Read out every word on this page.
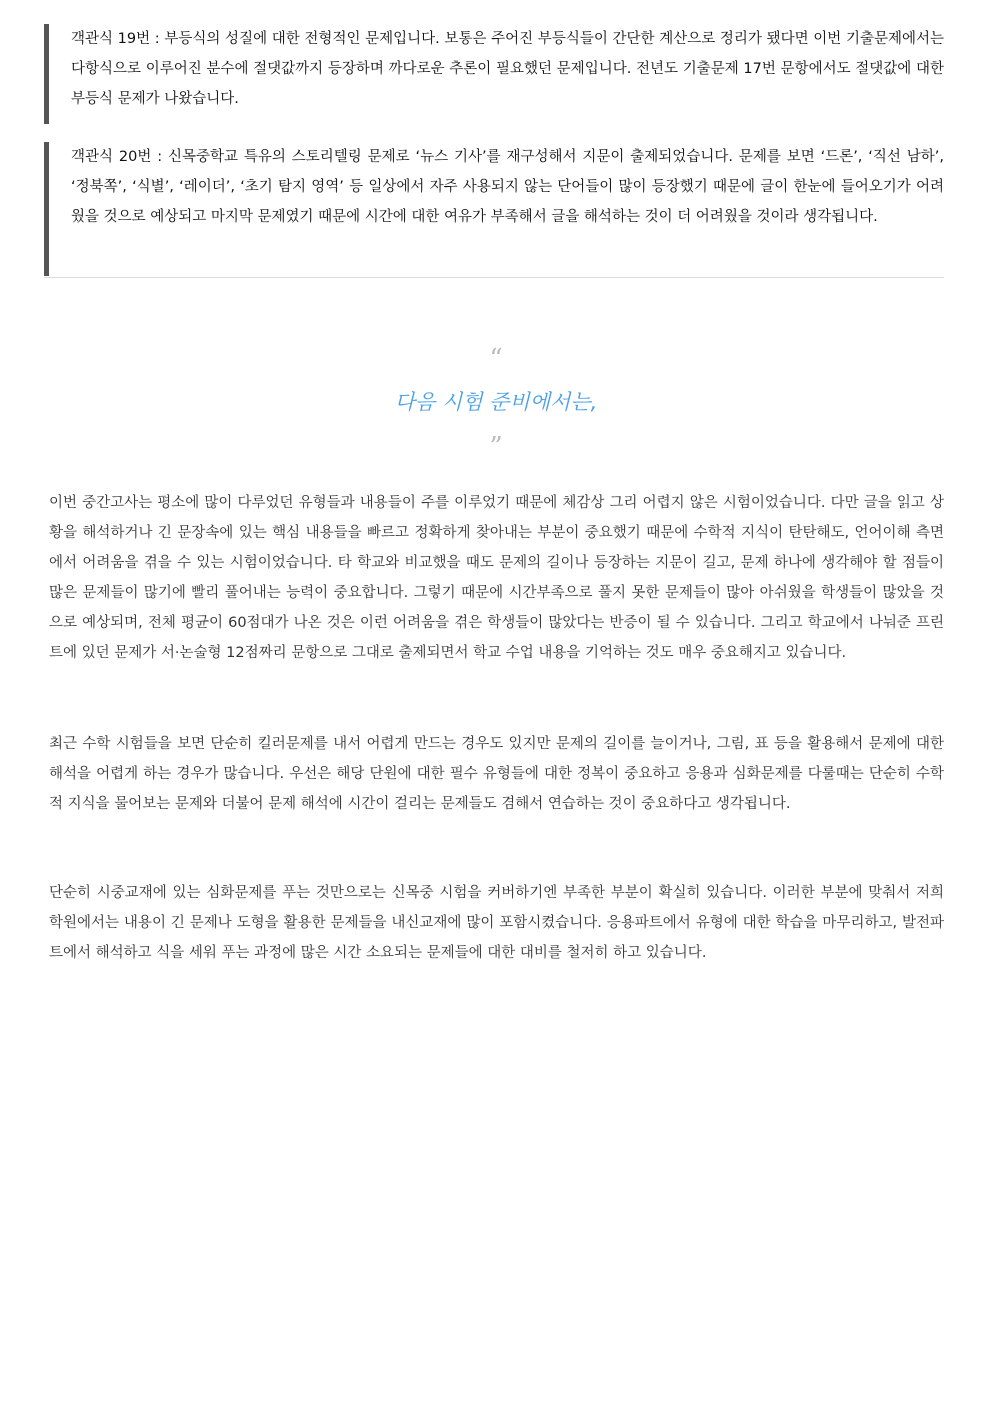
객관식 19번 : 부등식의 성질에 대한 전형적인 문제입니다. 보통은 주어진 부등식들이 간단한 계산으로 정리가 됐다면 이번 기출문제에서는 다항식으로 이루어진 분수에 절댓값까지 등장하며 까다로운 추론이 필요했던 문제입니다. 전년도 기출문제 17번 문항에서도 절댓값에 대한 부등식 문제가 나왔습니다.
객관식 20번 : 신목중학교 특유의 스토리텔링 문제로 ‘뉴스 기사’를 재구성해서 지문이 출제되었습니다. 문제를 보면 ‘드론’, ‘직선 남하’, ‘정북쪽’, ‘식별’, ‘레이더’, ‘초기 탐지 영역’ 등 일상에서 자주 사용되지 않는 단어들이 많이 등장했기 때문에 글이 한눈에 들어오기가 어려웠을 것으로 예상되고 마지막 문제였기 때문에 시간에 대한 여유가 부족해서 글을 해석하는 것이 더 어려웠을 것이라 생각됩니다.
“
다음 시험 준비에서는,
”
이번 중간고사는 평소에 많이 다루었던 유형들과 내용들이 주를 이루었기 때문에 체감상 그리 어렵지 않은 시험이었습니다. 다만 글을 읽고 상황을 해석하거나 긴 문장속에 있는 핵심 내용들을 빠르고 정확하게 찾아내는 부분이 중요했기 때문에 수학적 지식이 탄탄해도, 언어이해 측면에서 어려움을 겪을 수 있는 시험이었습니다. 타 학교와 비교했을 때도 문제의 길이나 등장하는 지문이 길고, 문제 하나에 생각해야 할 점들이 많은 문제들이 많기에 빨리 풀어내는 능력이 중요합니다. 그렇기 때문에 시간부족으로 풀지 못한 문제들이 많아 아쉬웠을 학생들이 많았을 것으로 예상되며, 전체 평균이 60점대가 나온 것은 이런 어려움을 겪은 학생들이 많았다는 반증이 될 수 있습니다. 그리고 학교에서 나눠준 프린트에 있던 문제가 서·논술형 12점짜리 문항으로 그대로 출제되면서 학교 수업 내용을 기억하는 것도 매우 중요해지고 있습니다.
최근 수학 시험들을 보면 단순히 킬러문제를 내서 어렵게 만드는 경우도 있지만 문제의 길이를 늘이거나, 그림, 표 등을 활용해서 문제에 대한 해석을 어렵게 하는 경우가 많습니다. 우선은 해당 단원에 대한 필수 유형들에 대한 정복이 중요하고 응용과 심화문제를 다룰때는 단순히 수학적 지식을 물어보는 문제와 더불어 문제 해석에 시간이 걸리는 문제들도 겸해서 연습하는 것이 중요하다고 생각됩니다.
단순히 시중교재에 있는 심화문제를 푸는 것만으로는 신목중 시험을 커버하기엔 부족한 부분이 확실히 있습니다. 이러한 부분에 맞춰서 저희 학원에서는 내용이 긴 문제나 도형을 활용한 문제들을 내신교재에 많이 포함시켰습니다. 응용파트에서 유형에 대한 학습을 마무리하고, 발전파트에서 해석하고 식을 세워 푸는 과정에 많은 시간 소요되는 문제들에 대한 대비를 철저히 하고 있습니다.
